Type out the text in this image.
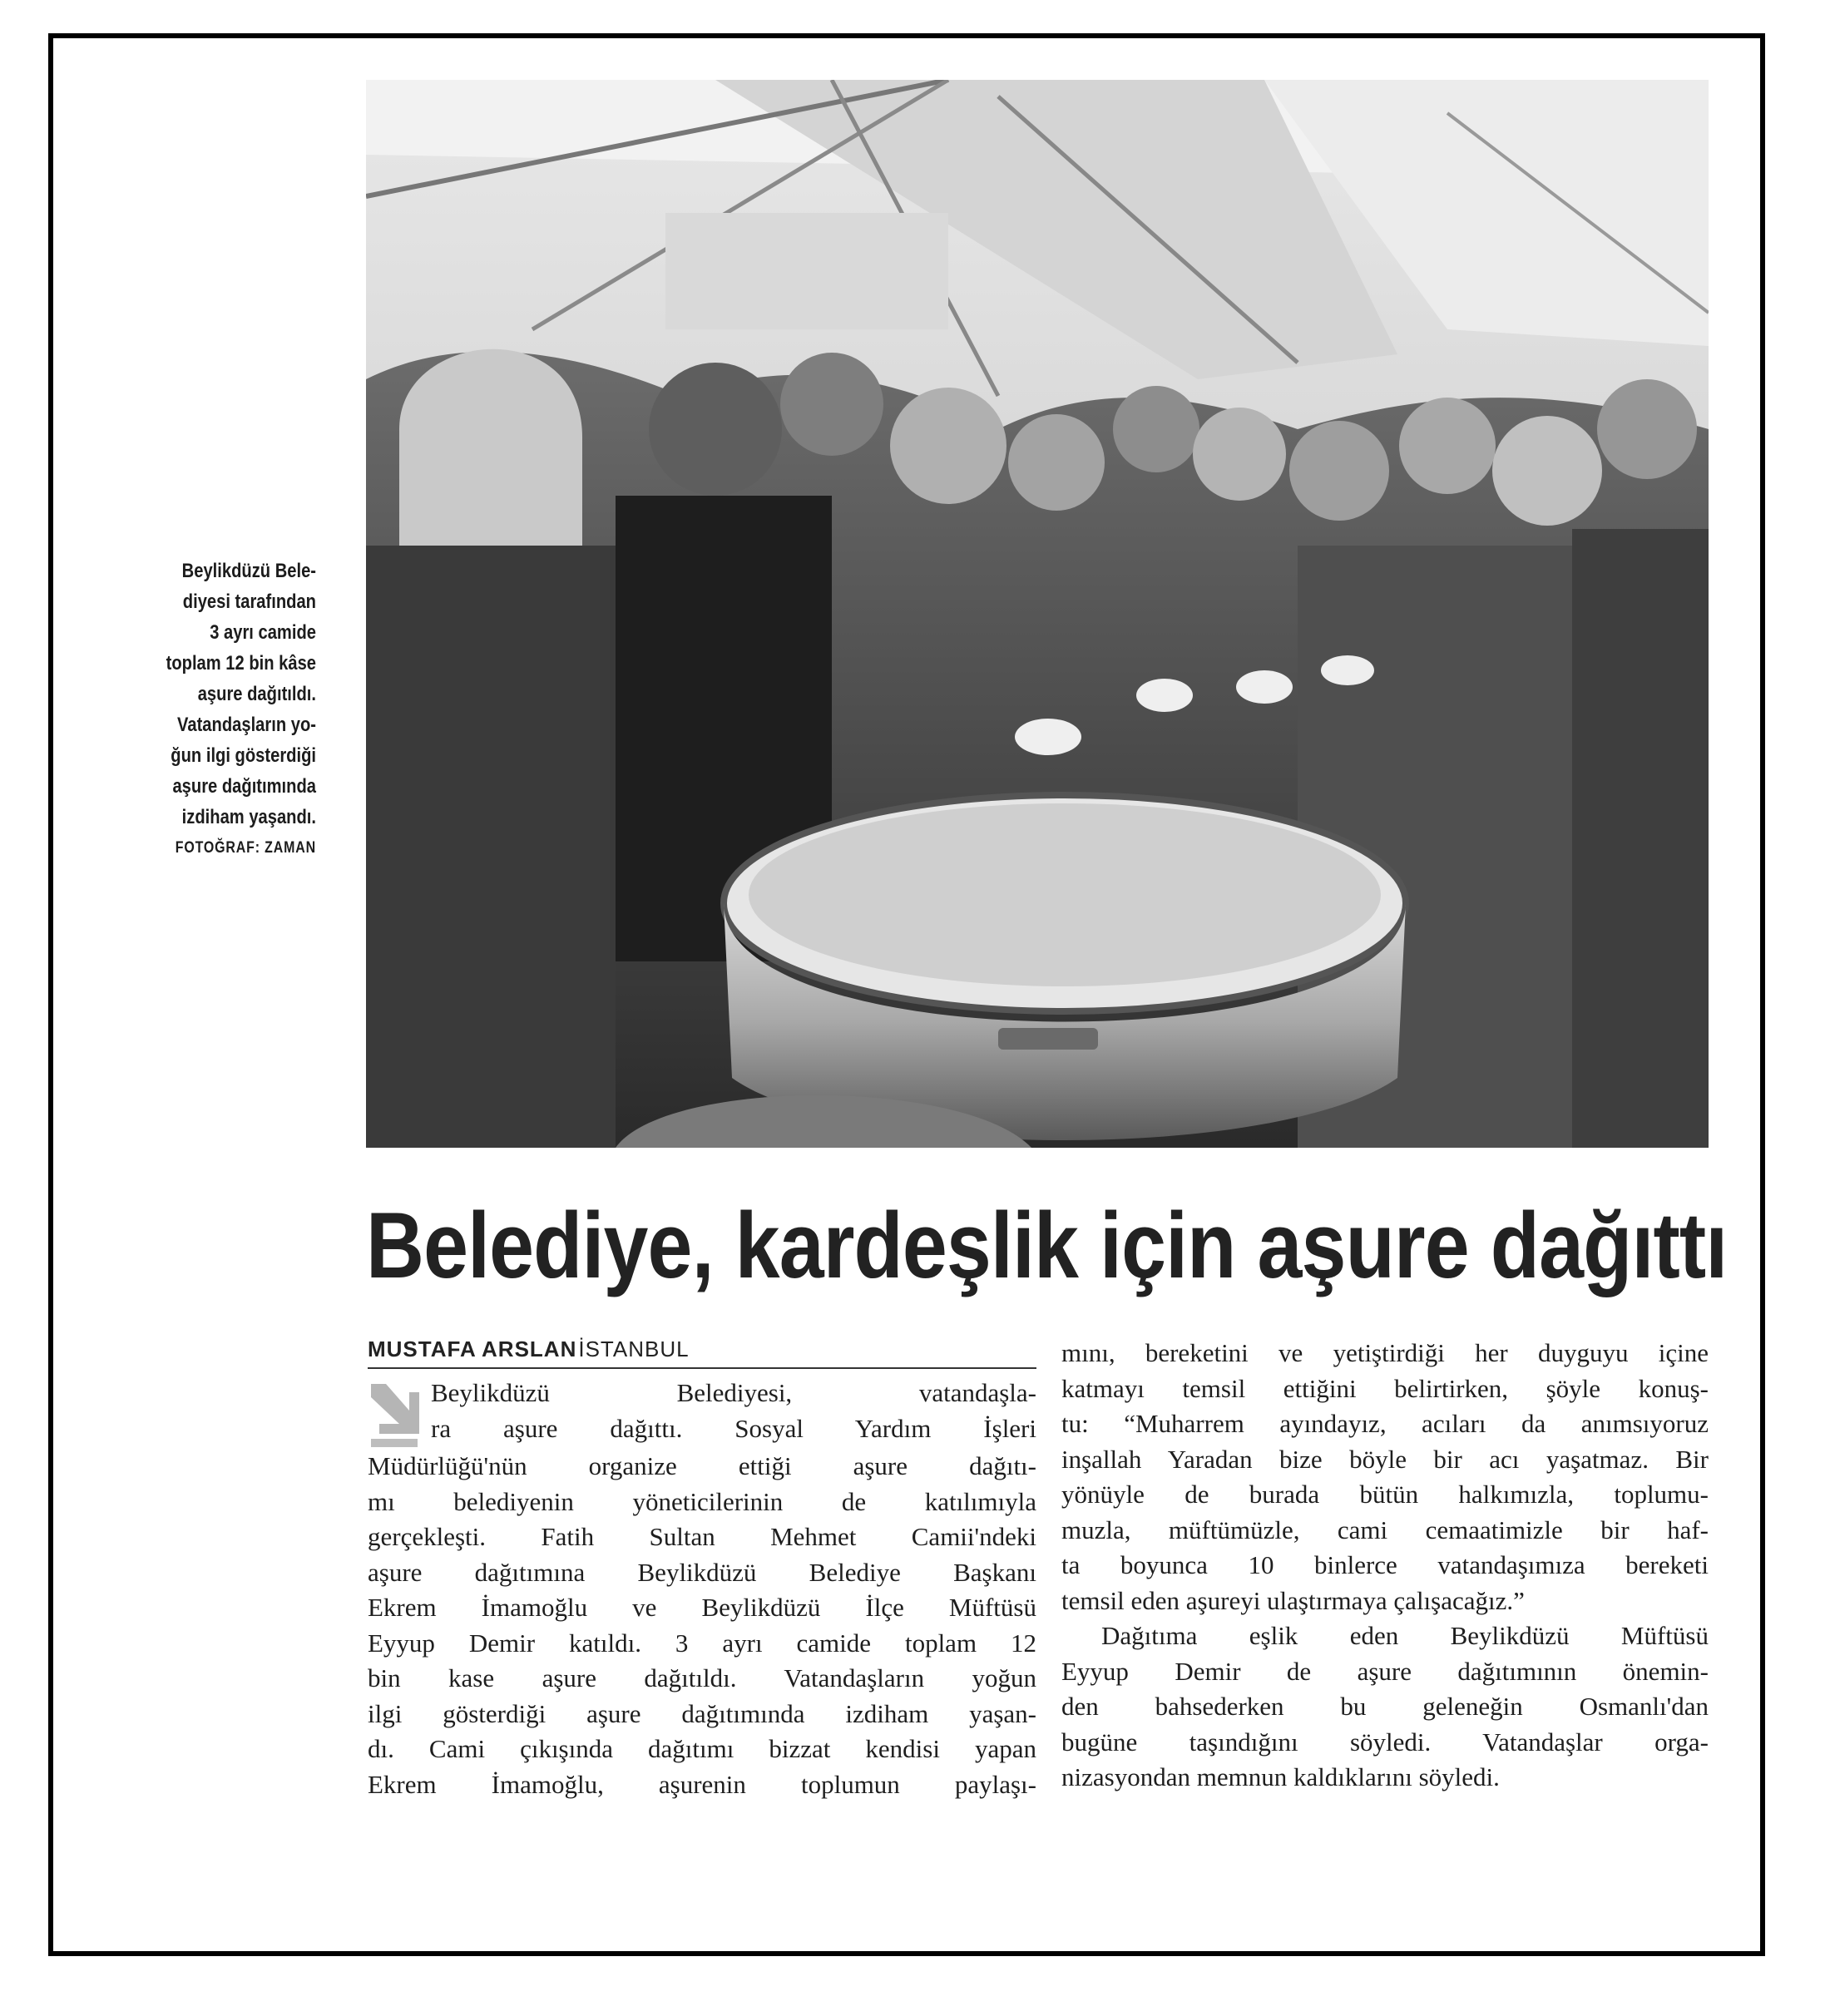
Beylikdüzü Bele-
diyesi tarafından
3 ayrı camide
toplam 12 bin kâse
aşure dağıtıldı.
Vatandaşların yo-
ğun ilgi gösterdiği
aşure dağıtımında
izdiham yaşandı.
FOTOĞRAF: ZAMAN
Belediye, kardeşlik için aşure dağıttı
MUSTAFA ARSLANİSTANBUL
Beylikdüzü Belediyesi, vatandaşla-
ra aşure dağıttı. Sosyal Yardım İşleri
Müdürlüğü'nün organize ettiği aşure dağıtı-
mı belediyenin yöneticilerinin de katılımıyla
gerçekleşti. Fatih Sultan Mehmet Camii'ndeki
aşure dağıtımına Beylikdüzü Belediye Başkanı
Ekrem İmamoğlu ve Beylikdüzü İlçe Müftüsü
Eyyup Demir katıldı. 3 ayrı camide toplam 12
bin kase aşure dağıtıldı. Vatandaşların yoğun
ilgi gösterdiği aşure dağıtımında izdiham yaşan-
dı. Cami çıkışında dağıtımı bizzat kendisi yapan
Ekrem İmamoğlu, aşurenin toplumun paylaşı-
mını, bereketini ve yetiştirdiği her duyguyu içine
katmayı temsil ettiğini belirtirken, şöyle konuş-
tu: “Muharrem ayındayız, acıları da anımsıyoruz
inşallah Yaradan bize böyle bir acı yaşatmaz. Bir
yönüyle de burada bütün halkımızla, toplumu-
muzla, müftümüzle, cami cemaatimizle bir haf-
ta boyunca 10 binlerce vatandaşımıza bereketi
temsil eden aşureyi ulaştırmaya çalışacağız.”
Dağıtıma eşlik eden Beylikdüzü Müftüsü
Eyyup Demir de aşure dağıtımının önemin-
den bahsederken bu geleneğin Osmanlı'dan
bugüne taşındığını söyledi. Vatandaşlar orga-
nizasyondan memnun kaldıklarını söyledi.
